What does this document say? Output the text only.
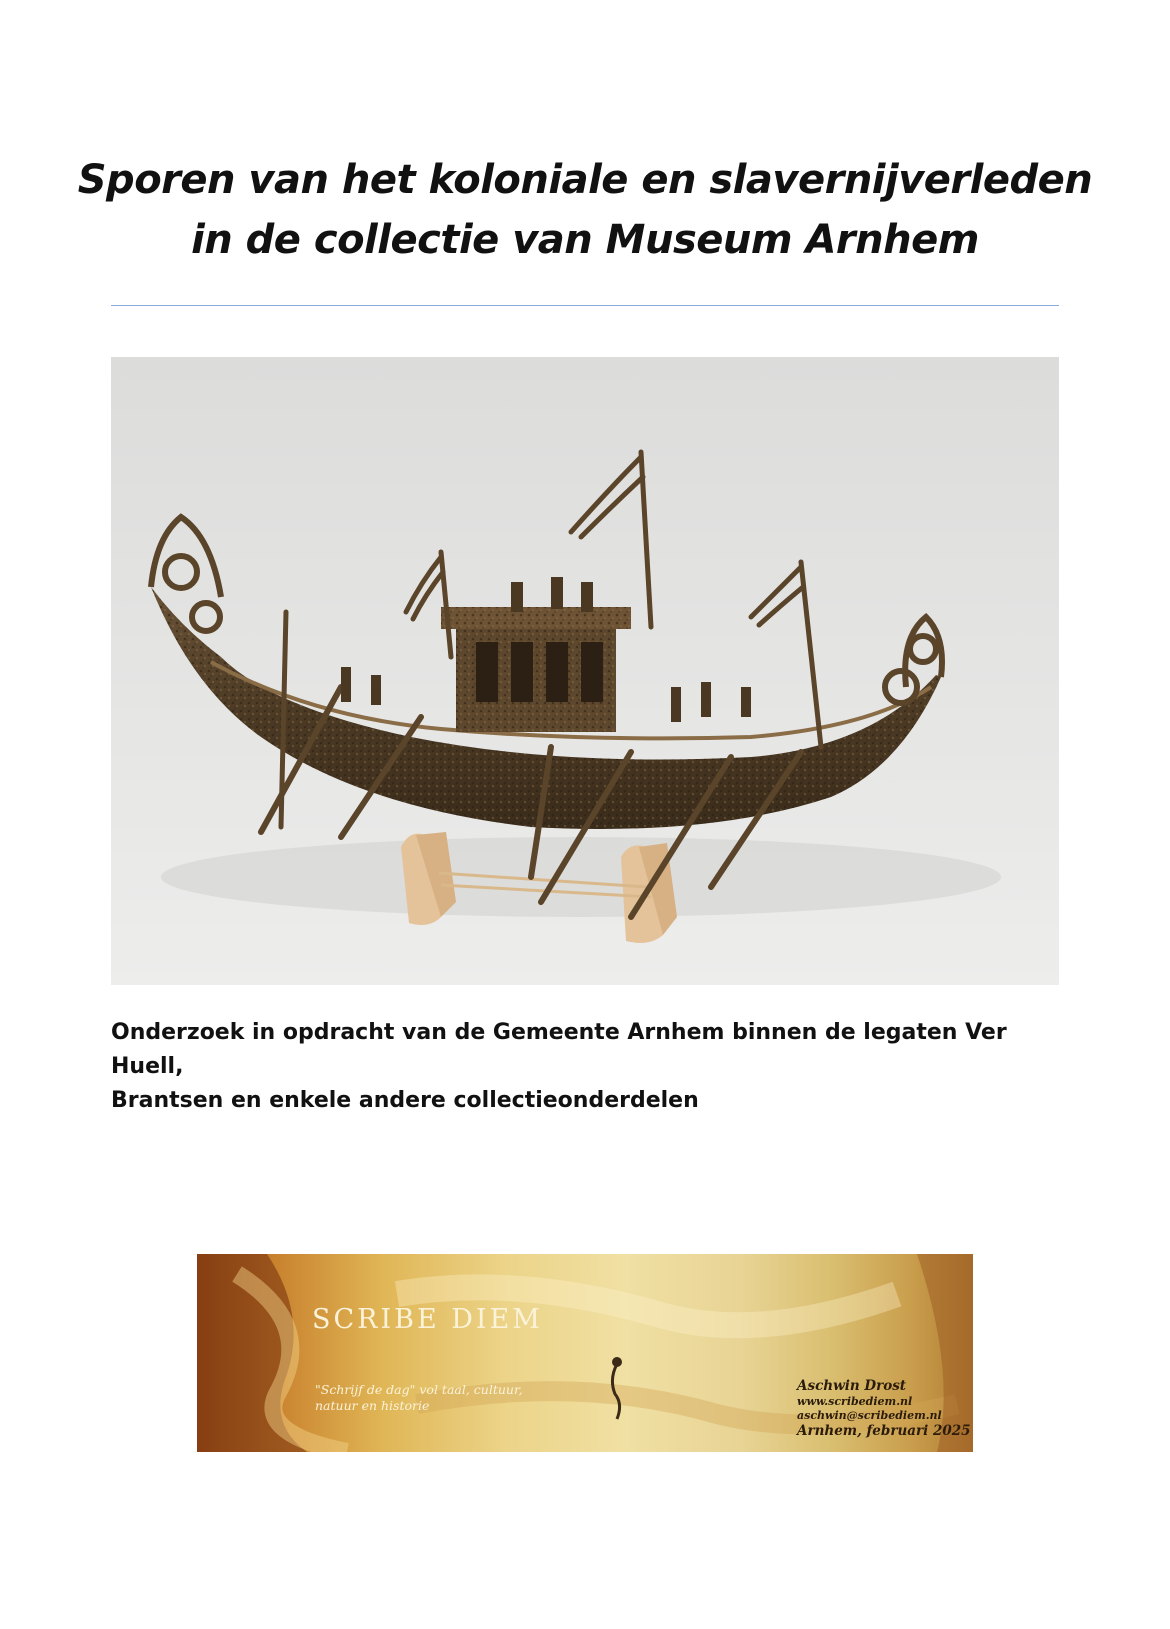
Sporen van het koloniale en slavernijverleden
in de collectie van Museum Arnhem
Onderzoek in opdracht van de Gemeente Arnhem binnen de legaten Ver Huell,
Brantsen en enkele andere collectieonderdelen
SCRIBE DIEM
"Schrijf de dag" vol taal, cultuur,
natuur en historie
Aschwin Drost
www.scribediem.nl
aschwin@scribediem.nl
Arnhem, februari 2025
